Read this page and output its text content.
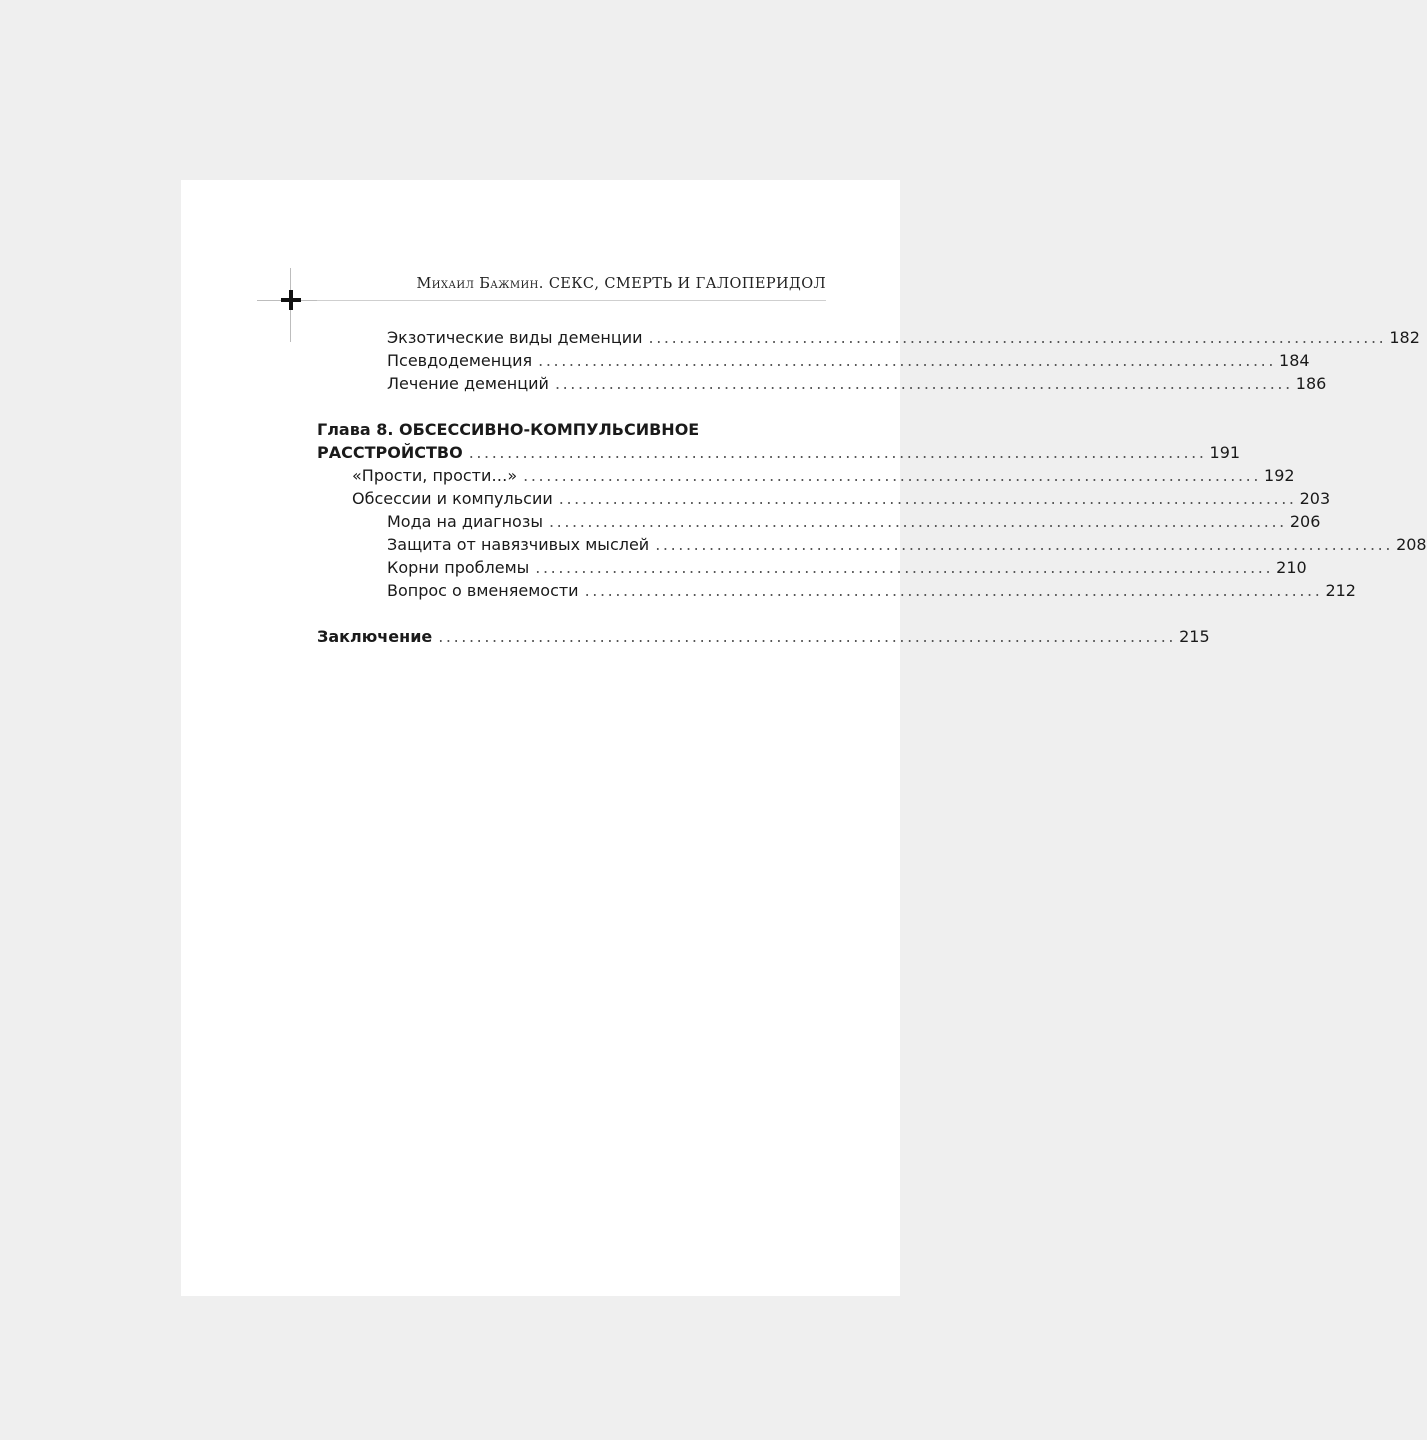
Михаил Бажмин. СЕКС, СМЕРТЬ И ГАЛОПЕРИДОЛ
Экзотические виды деменции ................................................................................................ 182
Псевдодеменция ................................................................................................ 184
Лечение деменций ................................................................................................ 186
Глава 8. ОБСЕССИВНО-КОМПУЛЬСИВНОЕ
РАССТРОЙСТВО ................................................................................................ 191
«Прости, прости…» ................................................................................................ 192
Обсессии и компульсии ................................................................................................ 203
Мода на диагнозы ................................................................................................ 206
Защита от навязчивых мыслей ................................................................................................ 208
Корни проблемы ................................................................................................ 210
Вопрос о вменяемости ................................................................................................ 212
Заключение ................................................................................................ 215
